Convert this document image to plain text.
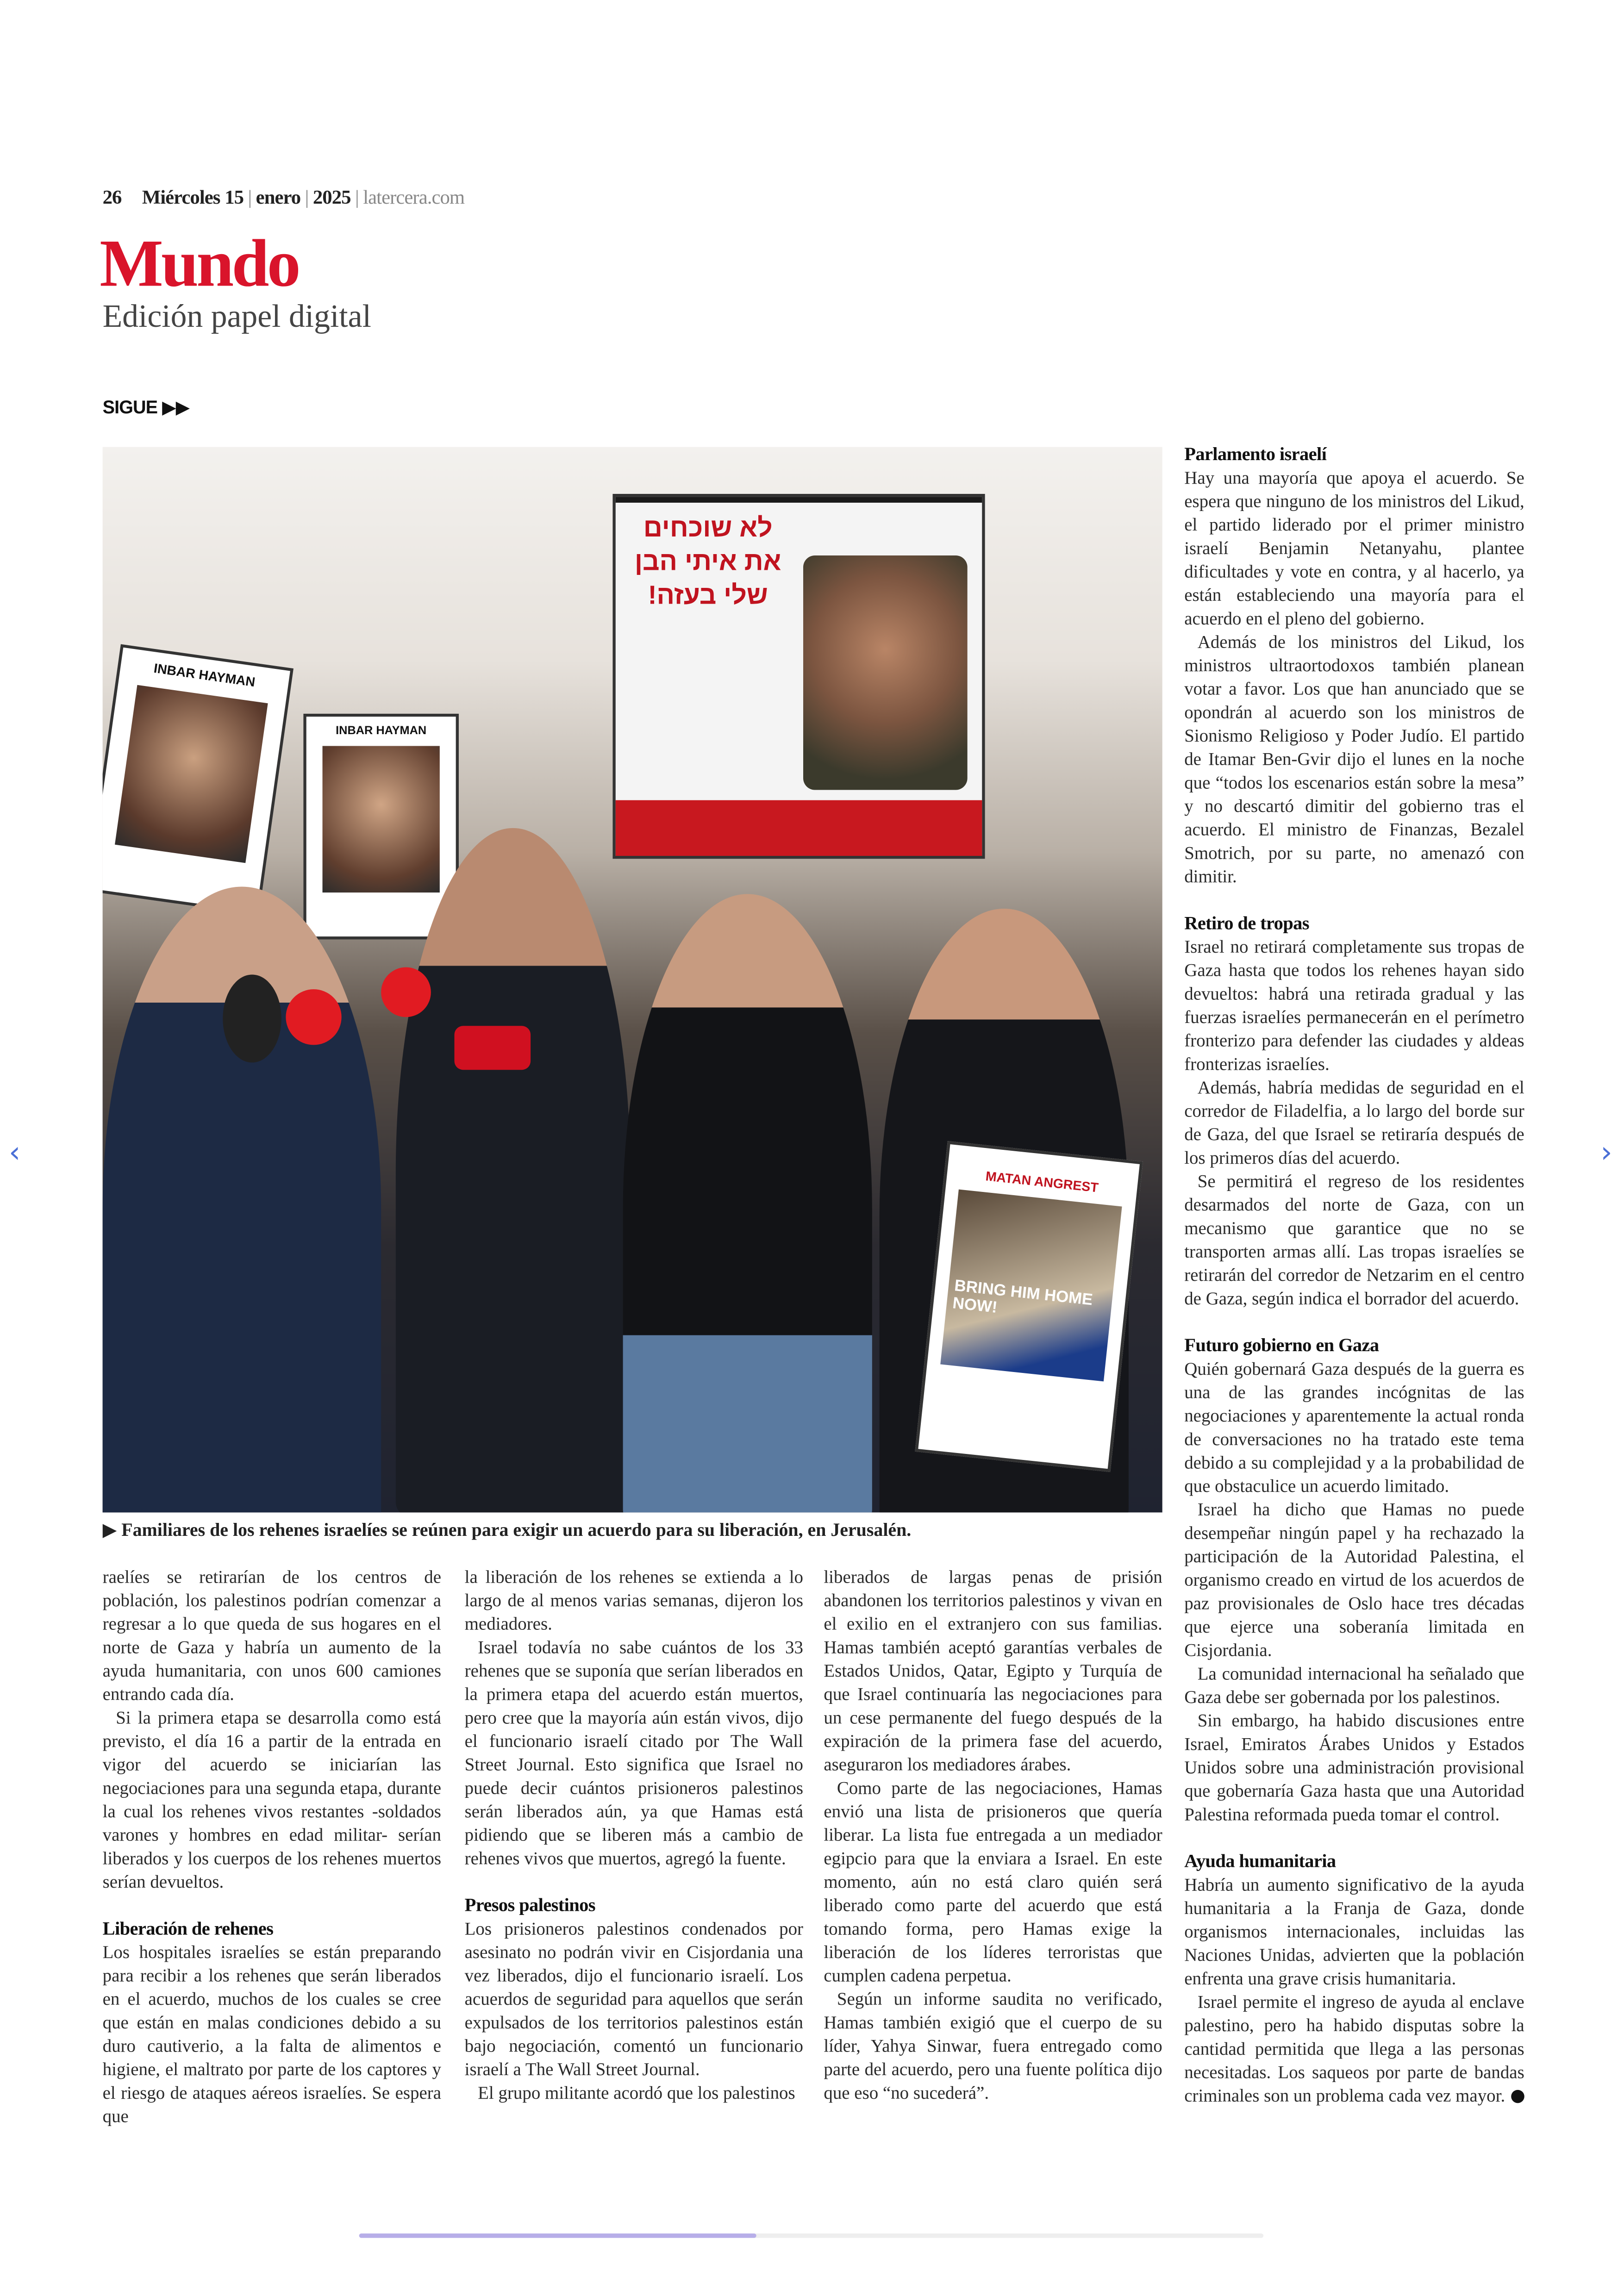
26	Miércoles 15 | enero | 2025 | latercera.com
Mundo
Edición papel digital
SIGUE ▶▶
לא שוכחים את איתי הבן שלי בעזה!
INBAR HAYMAN
INBAR HAYMAN
MATAN ANGREST
BRING HIM HOME NOW!
▶ Familiares de los rehenes israelíes se reúnen para exigir un acuerdo para su liberación, en Jerusalén.

raelíes se retirarían de los centros de población, los palestinos podrían comenzar a regresar a lo que queda de sus hogares en el norte de Gaza y habría un aumento de la ayuda humanitaria, con unos 600 camiones entrando cada día.

Si la primera etapa se desarrolla como está previsto, el día 16 a partir de la entrada en vigor del acuerdo se iniciarían las negociaciones para una segunda etapa, durante la cual los rehenes vivos restantes -soldados varones y hombres en edad militar- serían liberados y los cuerpos de los rehenes muertos serían devueltos.

Liberación de rehenes

Los hospitales israelíes se están preparando para recibir a los rehenes que serán liberados en el acuerdo, muchos de los cuales se cree que están en malas condiciones debido a su duro cautiverio, a la falta de alimentos e higiene, el maltrato por parte de los captores y el riesgo de ataques aéreos israelíes. Se espera que

la liberación de los rehenes se extienda a lo largo de al menos varias semanas, dijeron los mediadores.

Israel todavía no sabe cuántos de los 33 rehenes que se suponía que serían liberados en la primera etapa del acuerdo están muertos, pero cree que la mayoría aún están vivos, dijo el funcionario israelí citado por The Wall Street Journal. Esto significa que Israel no puede decir cuántos prisioneros palestinos serán liberados aún, ya que Hamas está pidiendo que se liberen más a cambio de rehenes vivos que muertos, agregó la fuente.

Presos palestinos

Los prisioneros palestinos condenados por asesinato no podrán vivir en Cisjordania una vez liberados, dijo el funcionario israelí. Los acuerdos de seguridad para aquellos que serán expulsados de los territorios palestinos están bajo negociación, comentó un funcionario israelí a The Wall Street Journal.

El grupo militante acordó que los palestinos

liberados de largas penas de prisión abandonen los territorios palestinos y vivan en el exilio en el extranjero con sus familias. Hamas también aceptó garantías verbales de Estados Unidos, Qatar, Egipto y Turquía de que Israel continuaría las negociaciones para un cese permanente del fuego después de la expiración de la primera fase del acuerdo, aseguraron los mediadores árabes.

Como parte de las negociaciones, Hamas envió una lista de prisioneros que quería liberar. La lista fue entregada a un mediador egipcio para que la enviara a Israel. En este momento, aún no está claro quién será liberado como parte del acuerdo que está tomando forma, pero Hamas exige la liberación de los líderes terroristas que cumplen cadena perpetua.

Según un informe saudita no verificado, Hamas también exigió que el cuerpo de su líder, Yahya Sinwar, fuera entregado como parte del acuerdo, pero una fuente política dijo que eso “no sucederá”.

Parlamento israelí

Hay una mayoría que apoya el acuerdo. Se espera que ninguno de los ministros del Likud, el partido liderado por el primer ministro israelí Benjamin Netanyahu, plantee dificultades y vote en contra, y al hacerlo, ya están estableciendo una mayoría para el acuerdo en el pleno del gobierno.

Además de los ministros del Likud, los ministros ultraortodoxos también planean votar a favor. Los que han anunciado que se opondrán al acuerdo son los ministros de Sionismo Religioso y Poder Judío. El partido de Itamar Ben-Gvir dijo el lunes en la noche que “todos los escenarios están sobre la mesa” y no descartó dimitir del gobierno tras el acuerdo. El ministro de Finanzas, Bezalel Smotrich, por su parte, no amenazó con dimitir.

Retiro de tropas

Israel no retirará completamente sus tropas de Gaza hasta que todos los rehenes hayan sido devueltos: habrá una retirada gradual y las fuerzas israelíes permanecerán en el perímetro fronterizo para defender las ciudades y aldeas fronterizas israelíes.

Además, habría medidas de seguridad en el corredor de Filadelfia, a lo largo del borde sur de Gaza, del que Israel se retiraría después de los primeros días del acuerdo.

Se permitirá el regreso de los residentes desarmados del norte de Gaza, con un mecanismo que garantice que no se transporten armas allí. Las tropas israelíes se retirarán del corredor de Netzarim en el centro de Gaza, según indica el borrador del acuerdo.

Futuro gobierno en Gaza

Quién gobernará Gaza después de la guerra es una de las grandes incógnitas de las negociaciones y aparentemente la actual ronda de conversaciones no ha tratado este tema debido a su complejidad y a la probabilidad de que obstaculice un acuerdo limitado.

Israel ha dicho que Hamas no puede desempeñar ningún papel y ha rechazado la participación de la Autoridad Palestina, el organismo creado en virtud de los acuerdos de paz provisionales de Oslo hace tres décadas que ejerce una soberanía limitada en Cisjordania.

La comunidad internacional ha señalado que Gaza debe ser gobernada por los palestinos.

Sin embargo, ha habido discusiones entre Israel, Emiratos Árabes Unidos y Estados Unidos sobre una administración provisional que gobernaría Gaza hasta que una Autoridad Palestina reformada pueda tomar el control.

Ayuda humanitaria

Habría un aumento significativo de la ayuda humanitaria a la Franja de Gaza, donde organismos internacionales, incluidas las Naciones Unidas, advierten que la población enfrenta una grave crisis humanitaria.

Israel permite el ingreso de ayuda al enclave palestino, pero ha habido disputas sobre la cantidad permitida que llega a las personas necesitadas. Los saqueos por parte de bandas criminales son un problema cada vez mayor.

‹	›
